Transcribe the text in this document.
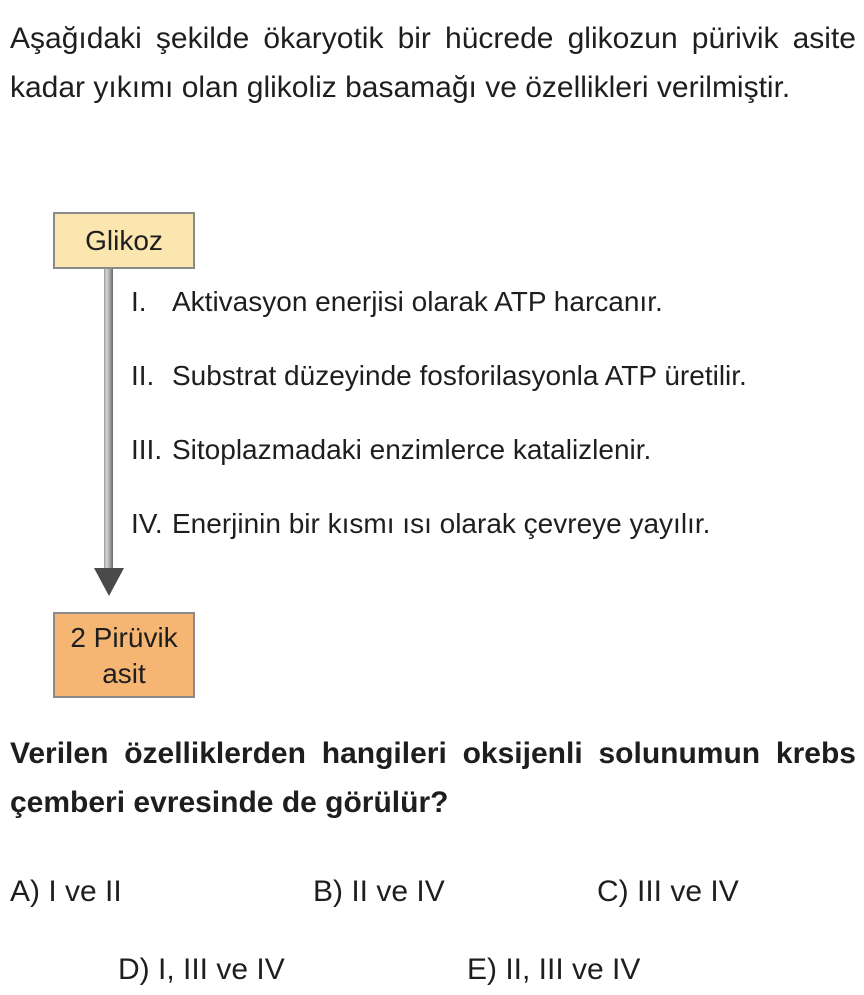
Aşağıdaki şekilde ökaryotik bir hücrede glikozun pürivik asite kadar yıkımı olan glikoliz basamağı ve özellikleri verilmiştir.

Glikoz
I. Aktivasyon enerjisi olarak ATP harcanır.
II. Substrat düzeyinde fosforilasyonla ATP üretilir.
III. Sitoplazmadaki enzimlerce katalizlenir.
IV. Enerjinin bir kısmı ısı olarak çevreye yayılır.
2 Pirüvik
asit

Verilen özelliklerden hangileri oksijenli solunumun krebs çemberi evresinde de görülür?

A) I ve II	B) II ve IV	C) III ve IV
D) I, III ve IV	E) II, III ve IV
